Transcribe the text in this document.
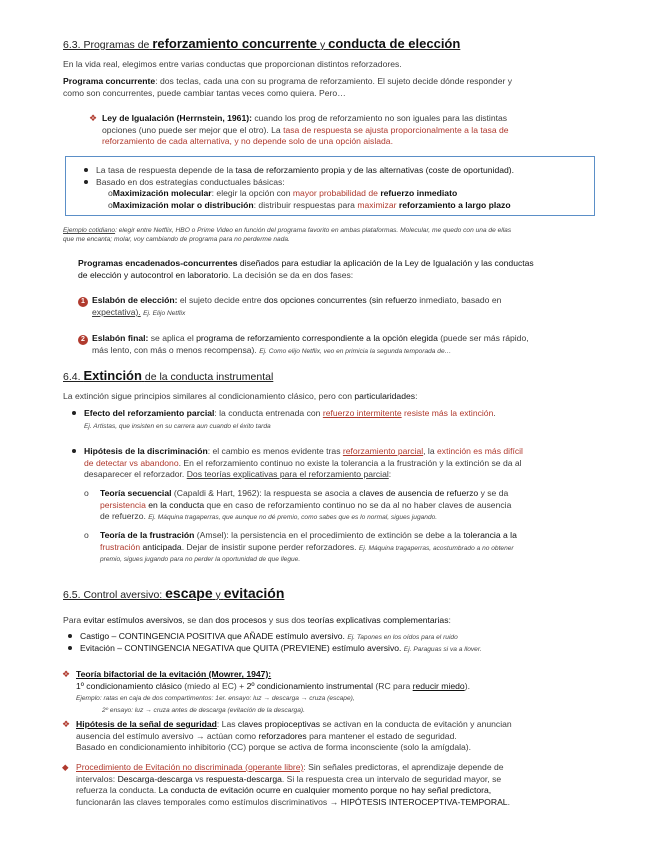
6.3. Programas de reforzamiento concurrente y conducta de elección
En la vida real, elegimos entre varias conductas que proporcionan distintos reforzadores.
Programa concurrente: dos teclas, cada una con su programa de reforzamiento. El sujeto decide dónde responder y
como son concurrentes, puede cambiar tantas veces como quiera. Pero…
❖ Ley de Igualación (Herrnstein, 1961): cuando los prog de reforzamiento no son iguales para las distintas
opciones (uno puede ser mejor que el otro). La tasa de respuesta se ajusta proporcionalmente a la tasa de
reforzamiento de cada alternativa, y no depende solo de una opción aislada.
La tasa de respuesta depende de la tasa de reforzamiento propia y de las alternativas (coste de oportunidad).
Basado en dos estrategias conductuales básicas:
oMaximización molecular: elegir la opción con mayor probabilidad de refuerzo inmediato
oMaximización molar o distribución: distribuir respuestas para maximizar reforzamiento a largo plazo
Ejemplo cotidiano: elegir entre Netflix, HBO o Prime Video en función del programa favorito en ambas plataformas. Molecular, me quedo con una de ellas
que me encanta; molar, voy cambiando de programa para no perderme nada.
Programas encadenados-concurrentes diseñados para estudiar la aplicación de la Ley de Igualación y las conductas
de elección y autocontrol en laboratorio. La decisión se da en dos fases:
1 Eslabón de elección: el sujeto decide entre dos opciones concurrentes (sin refuerzo inmediato, basado en
expectativa). Ej. Elijo Netflix
2 Eslabón final: se aplica el programa de reforzamiento correspondiente a la opción elegida (puede ser más rápido,
más lento, con más o menos recompensa). Ej. Como elijo Netflix, veo en primicia la segunda temporada de…
6.4. Extinción de la conducta instrumental
La extinción sigue principios similares al condicionamiento clásico, pero con particularidades:
Efecto del reforzamiento parcial: la conducta entrenada con refuerzo intermitente resiste más la extinción.
Ej. Artistas, que insisten en su carrera aun cuando el éxito tarda
Hipótesis de la discriminación: el cambio es menos evidente tras reforzamiento parcial, la extinción es más difícil
de detectar vs abandono. En el reforzamiento continuo no existe la tolerancia a la frustración y la extinción se da al
desaparecer el reforzador. Dos teorías explicativas para el reforzamiento parcial:
o Teoría secuencial (Capaldi & Hart, 1962): la respuesta se asocia a claves de ausencia de refuerzo y se da
persistencia en la conducta que en caso de reforzamiento continuo no se da al no haber claves de ausencia
de refuerzo. Ej. Máquina tragaperras, que aunque no dé premio, como sabes que es lo normal, sigues jugando.
o Teoría de la frustración (Amsel): la persistencia en el procedimiento de extinción se debe a la tolerancia a la
frustración anticipada. Dejar de insistir supone perder reforzadores. Ej. Máquina tragaperras, acostumbrado a no obtener
premio, sigues jugando para no perder la oportunidad de que llegue.
6.5. Control aversivo: escape y evitación
Para evitar estímulos aversivos, se dan dos procesos y sus dos teorías explicativas complementarias:
Castigo – CONTINGENCIA POSITIVA que AÑADE estímulo aversivo. Ej. Tapones en los oídos para el ruido
Evitación – CONTINGENCIA NEGATIVA que QUITA (PREVIENE) estímulo aversivo. Ej. Paraguas si va a llover.
❖ Teoría bifactorial de la evitación (Mowrer, 1947):
1º condicionamiento clásico (miedo al EC) + 2º condicionamiento instrumental (RC para reducir miedo).
Ejemplo: ratas en caja de dos compartimentos: 1er. ensayo: luz → descarga → cruza (escape),
2º ensayo: luz → cruza antes de descarga (evitación de la descarga).
❖ Hipótesis de la señal de seguridad: Las claves propioceptivas se activan en la conducta de evitación y anuncian
ausencia del estímulo aversivo → actúan como reforzadores para mantener el estado de seguridad.
Basado en condicionamiento inhibitorio (CC) porque se activa de forma inconsciente (solo la amígdala).
◆ Procedimiento de Evitación no discriminada (operante libre): Sin señales predictoras, el aprendizaje depende de
intervalos: Descarga-descarga vs respuesta-descarga. Si la respuesta crea un intervalo de seguridad mayor, se
refuerza la conducta. La conducta de evitación ocurre en cualquier momento porque no hay señal predictora,
funcionarán las claves temporales como estímulos discriminativos → HIPÓTESIS INTEROCEPTIVA-TEMPORAL.
